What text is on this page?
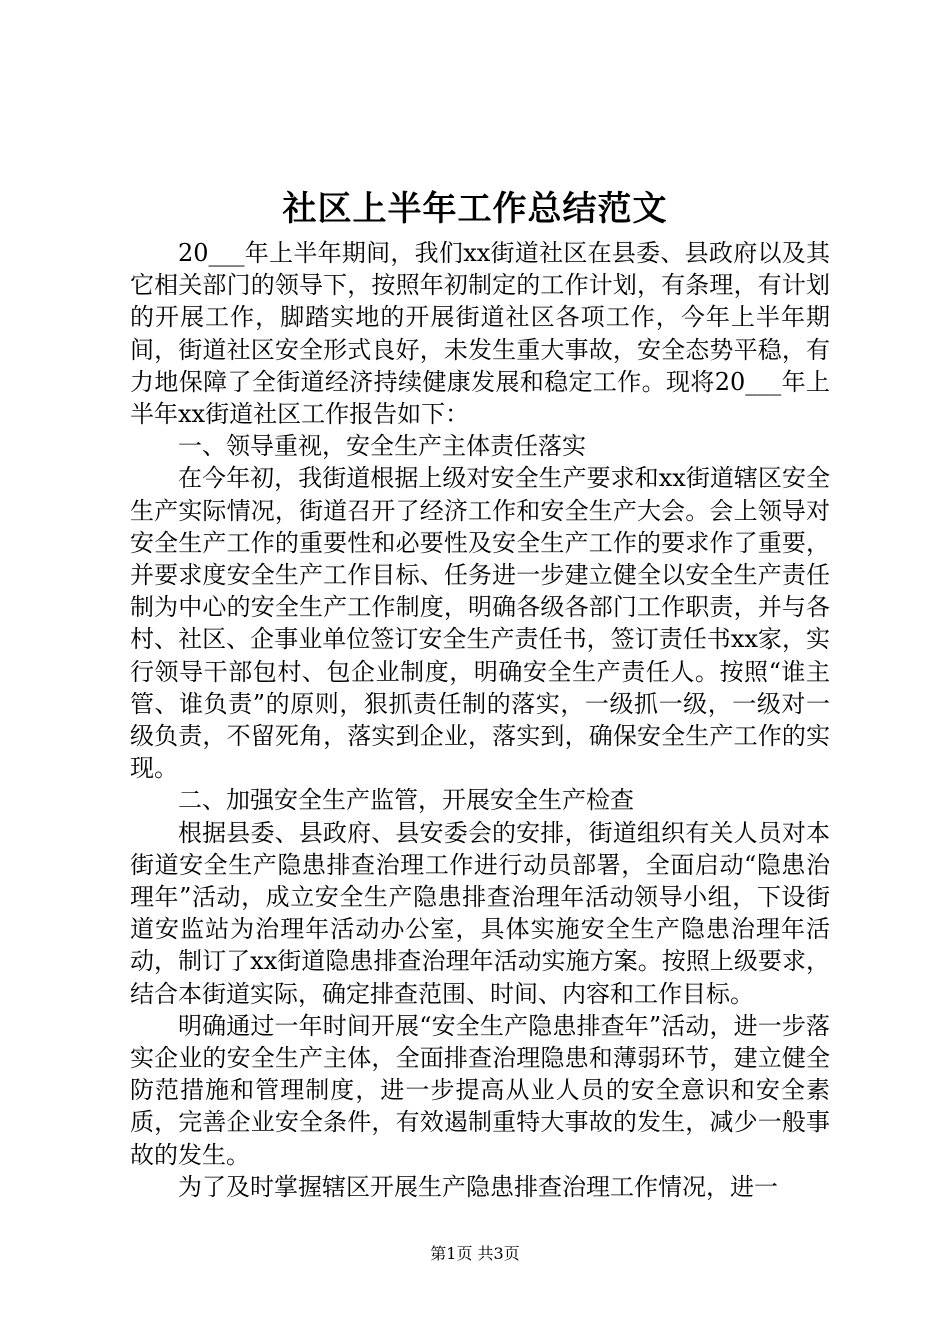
社区上半年工作总结范文

20___年上半年期间，我们xx街道社区在县委、县政府以及其它相关部门的领导下，按照年初制定的工作计划，有条理，有计划的开展工作，脚踏实地的开展街道社区各项工作，今年上半年期间，街道社区安全形式良好，未发生重大事故，安全态势平稳，有力地保障了全街道经济持续健康发展和稳定工作。现将20___年上半年xx街道社区工作报告如下：

一、领导重视，安全生产主体责任落实

在今年初，我街道根据上级对安全生产要求和xx街道辖区安全生产实际情况，街道召开了经济工作和安全生产大会。会上领导对安全生产工作的重要性和必要性及安全生产工作的要求作了重要，并要求度安全生产工作目标、任务进一步建立健全以安全生产责任制为中心的安全生产工作制度，明确各级各部门工作职责，并与各村、社区、企事业单位签订安全生产责任书，签订责任书xx家，实行领导干部包村、包企业制度，明确安全生产责任人。按照“谁主管、谁负责”的原则，狠抓责任制的落实，一级抓一级，一级对一级负责，不留死角，落实到企业，落实到，确保安全生产工作的实现。

二、加强安全生产监管，开展安全生产检查

根据县委、县政府、县安委会的安排，街道组织有关人员对本街道安全生产隐患排查治理工作进行动员部署，全面启动“隐患治理年”活动，成立安全生产隐患排查治理年活动领导小组，下设街道安监站为治理年活动办公室，具体实施安全生产隐患治理年活动，制订了xx街道隐患排查治理年活动实施方案。按照上级要求，结合本街道实际，确定排查范围、时间、内容和工作目标。

明确通过一年时间开展“安全生产隐患排查年”活动，进一步落实企业的安全生产主体，全面排查治理隐患和薄弱环节，建立健全防范措施和管理制度，进一步提高从业人员的安全意识和安全素质，完善企业安全条件，有效遏制重特大事故的发生，减少一般事故的发生。

为了及时掌握辖区开展生产隐患排查治理工作情况，进一

第1页 共3页
